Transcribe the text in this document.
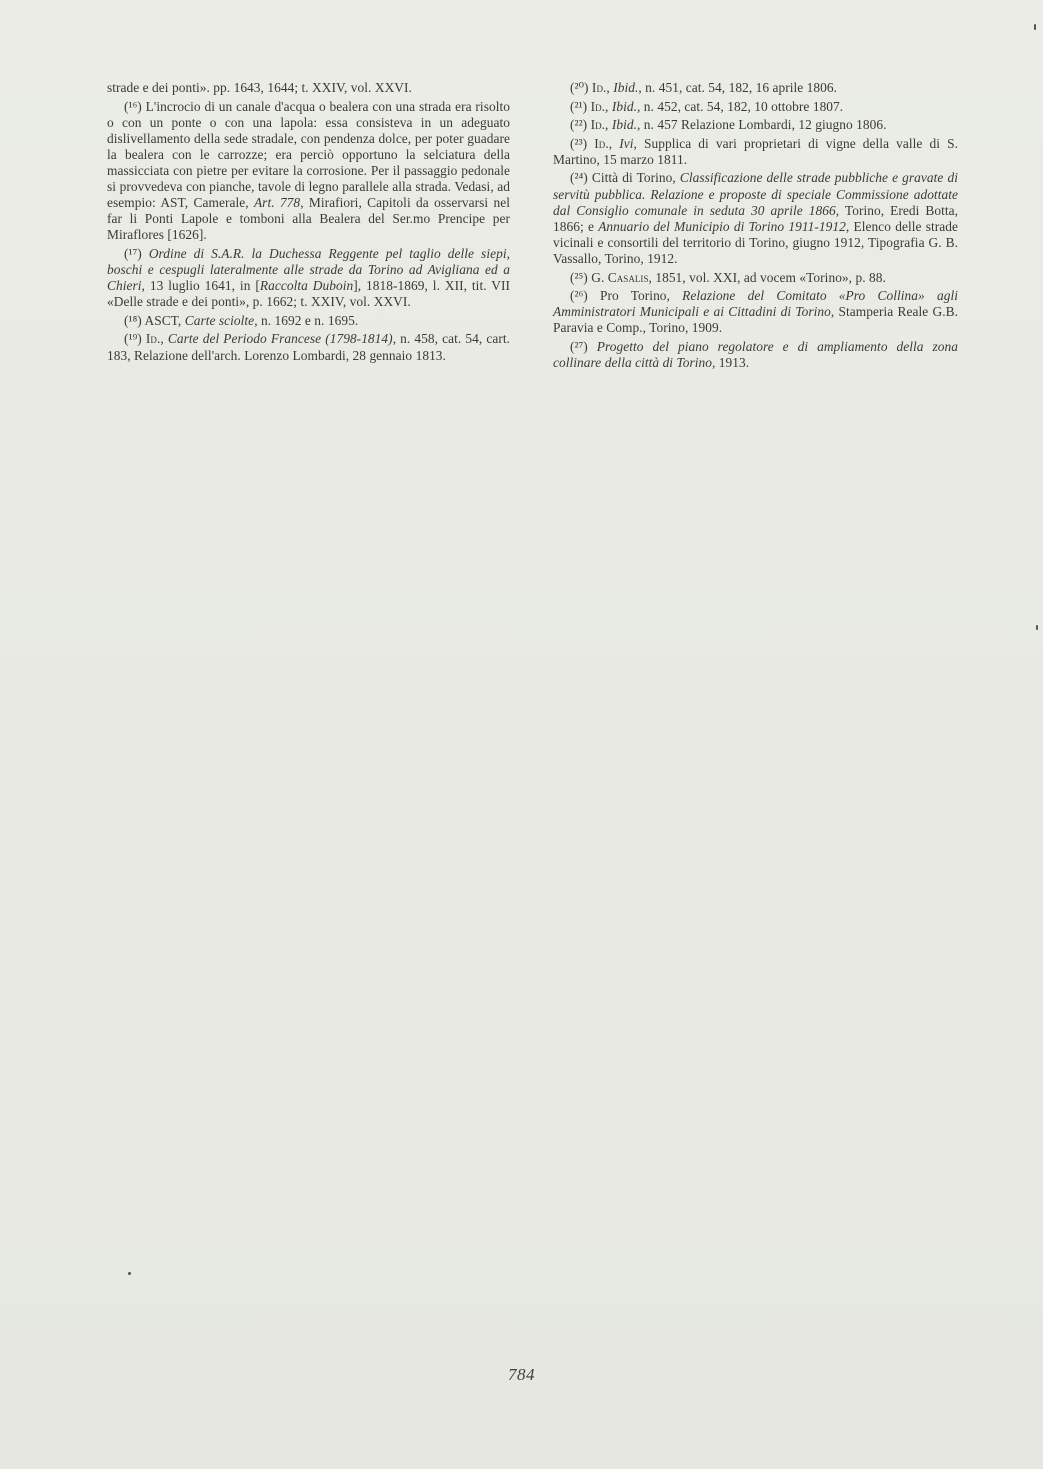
strade e dei ponti». pp. 1643, 1644; t. XXIV, vol. XXVI.

(¹⁶) L'incrocio di un canale d'acqua o bealera con una strada era risolto o con un ponte o con una lapola: essa consisteva in un adeguato dislivellamento della sede stradale, con pendenza dolce, per poter guadare la bealera con le carrozze; era perciò opportuno la selciatura della massicciata con pietre per evitare la corrosione. Per il passaggio pedonale si provvedeva con pianche, tavole di legno parallele alla strada. Vedasi, ad esempio: AST, Camerale, Art. 778, Mirafiori, Capitoli da osservarsi nel far li Ponti Lapole e tomboni alla Bealera del Ser.mo Prencipe per Miraflores [1626].

(¹⁷) Ordine di S.A.R. la Duchessa Reggente pel taglio delle siepi, boschi e cespugli lateralmente alle strade da Torino ad Avigliana ed a Chieri, 13 luglio 1641, in [Raccolta Duboin], 1818-1869, l. XII, tit. VII «Delle strade e dei ponti», p. 1662; t. XXIV, vol. XXVI.

(¹⁸) ASCT, Carte sciolte, n. 1692 e n. 1695.

(¹⁹) Id., Carte del Periodo Francese (1798-1814), n. 458, cat. 54, cart. 183, Relazione dell'arch. Lorenzo Lombardi, 28 gennaio 1813.

(²⁰) Id., Ibid., n. 451, cat. 54, 182, 16 aprile 1806.

(²¹) Id., Ibid., n. 452, cat. 54, 182, 10 ottobre 1807.

(²²) Id., Ibid., n. 457 Relazione Lombardi, 12 giugno 1806.

(²³) Id., Ivi, Supplica di vari proprietari di vigne della valle di S. Martino, 15 marzo 1811.

(²⁴) Città di Torino, Classificazione delle strade pubbliche e gravate di servitù pubblica. Relazione e proposte di speciale Commissione adottate dal Consiglio comunale in seduta 30 aprile 1866, Torino, Eredi Botta, 1866; e Annuario del Municipio di Torino 1911-1912, Elenco delle strade vicinali e consortili del territorio di Torino, giugno 1912, Tipografia G. B. Vassallo, Torino, 1912.

(²⁵) G. Casalis, 1851, vol. XXI, ad vocem «Torino», p. 88.

(²⁶) Pro Torino, Relazione del Comitato «Pro Collina» agli Amministratori Municipali e ai Cittadini di Torino, Stamperia Reale G.B. Paravia e Comp., Torino, 1909.

(²⁷) Progetto del piano regolatore e di ampliamento della zona collinare della città di Torino, 1913.

784
